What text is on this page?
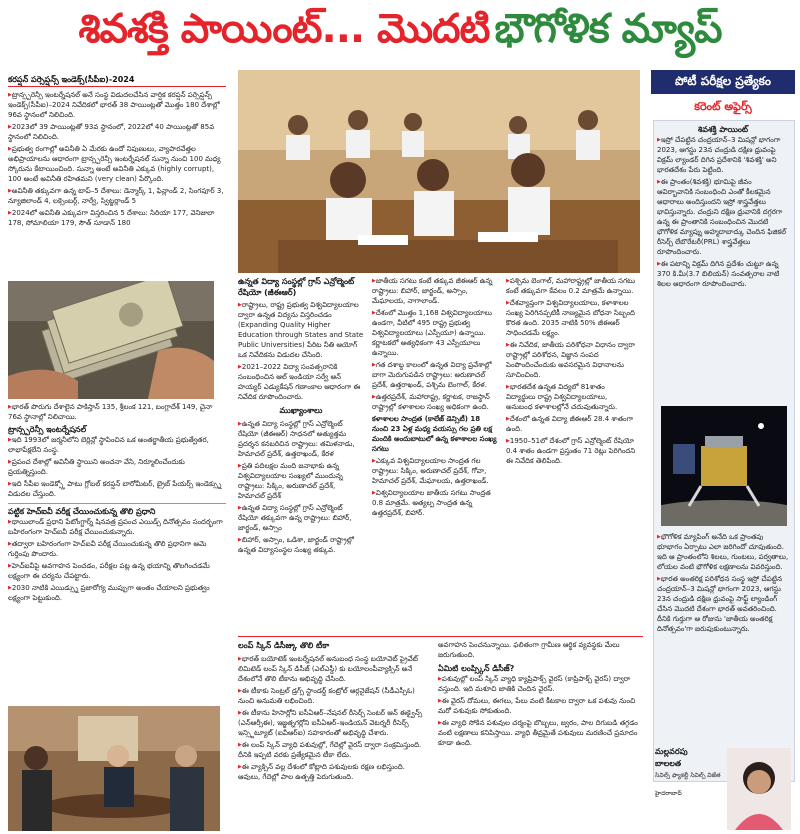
శివశక్తి పాయింట్... మొదటి భౌగోళిక మ్యాప్
కరప్షన్ పర్సెప్షన్స్ ఇండెక్స్(సీపీఐ)-2024
▶ ట్రాన్స్పరెన్సీ ఇంటర్నేషనల్ అనే సంస్థ విడుదలచేసిన వార్షిక కరప్షన్ పర్సెప్షన్స్ ఇండెక్స్(సీపీఐ)–2024 నివేదికలో భారత్ 38 పాయింట్లతో మొత్తం 180 దేశాల్లో 96వ స్థానంలో నిలిచింది.
▶ 2023లో 39 పాయింట్లతో 93వ స్థానంలో, 2022లో 40 పాయింట్లతో 85వ స్థానంలో నిలిచింది.
▶ ప్రభుత్వ రంగాల్లో అవినీతి ఏ మేరకు ఉందో నిపుణులు, వ్యాపారవేత్తల అభిప్రాయాలను ఆధారంగా ట్రాన్స్పరెన్సీ ఇంటర్నేషనల్ సున్నా నుంచి 100 మధ్య స్కోరును కేటాయించింది. సున్నా అంటే అవినీతి ఎక్కువ (highly corrupt), 100 అంటే అవినీతి రహితమని (very clean) పేర్కొంది.
▶ అవినీతి తక్కువగా ఉన్న టాప్–5 దేశాలు: డెన్మార్క్ 1, ఫిన్లాండ్ 2, సింగపూర్ 3, న్యూజిలాండ్ 4, లక్సెంబర్గ్, నార్వే, స్విట్జర్లాండ్ 5
▶ 2024లో అవినీతి ఎక్కువగా విస్తరించిన 5 దేశాలు: సిరియా 177, వెనిజులా 178, సోమాలియా 179, సౌత్ సూడాన్ 180
▶ భారత్ పొరుగు దేశాలైన పాకిస్తాన్ 135, శ్రీలంక 121, బంగ్లాదేశ్ 149, చైనా 76వ స్థానాల్లో నిలిచాయి.
ట్రాన్స్పరెన్సీ ఇంటర్నేషనల్
▶ ఇది 1993లో జర్మనీలోని బెర్లిన్లో స్థాపించిన ఒక అంతర్జాతీయ ప్రభుత్వేతర, లాభాపేక్షలేని సంస్థ.
▶ ప్రపంచ దేశాల్లో అవినీతి స్థాయిని అంచనా వేసి, నిర్మూలించేందుకు ప్రయత్నిస్తుంది.
▶ ఇది సీపీఐ ఇండెక్స్తో పాటు గ్లోబల్ కరప్షన్ బారోమీటర్, బ్రైబ్ పేయర్స్ ఇండెక్స్ను విడుదల చేస్తుంది.
పట్టిక హెచ్ఐవీ వరీక్ష చేయించుకున్న తొలి ప్రధాని
▶ థాయిలాండ్ ప్రధాని పేటోంగ్టార్న్ షినవత్ర ప్రపంచ ఎయిడ్స్ దినోత్సవం సందర్భంగా బహిరంగంగా హెచ్ఐవీ పరీక్ష చేయించుకున్నారు.
▶ తద్వారా బహిరంగంగా హెచ్ఐవీ పరీక్ష చేయించుకున్న తొలి ప్రధానిగా ఆమె గుర్తింపు పొందారు.
▶ హెచ్ఐవీపై అవగాహన పెంచడం, పరీక్షల పట్ల ఉన్న భయాన్ని తొలగించడమే లక్ష్యంగా ఈ చర్యను చేపట్టారు.
▶ 2030 నాటికి ఎయిడ్స్ను ప్రజారోగ్య ముప్పుగా అంతం చేయాలని ప్రభుత్వం లక్ష్యంగా పెట్టుకుంది.
ఉన్నత విద్యా సంస్థల్లో గ్రాస్ ఎన్రోల్మెంట్ రేషియో (జీఈఆర్)
▶ రాష్ట్రాలు, రాష్ట్ర ప్రభుత్వ విశ్వవిద్యాలయాల ద్వారా ఉన్నత విద్యను విస్తరించడం (Expanding Quality Higher Education through States and State Public Universities) పేరిట నీతి ఆయోగ్ ఒక నివేదికను విడుదల చేసింది.
▶ 2021–2022 విద్యా సంవత్సరానికి సంబంధించిన ఆల్ ఇండియా సర్వే ఆన్ హయ్యర్ ఎడ్యుకేషన్ గణాంకాల ఆధారంగా ఈ నివేదిక రూపొందించారు.
ముఖ్యాంశాలు
▶ ఉన్నత విద్యా సంస్థల్లో గ్రాస్ ఎన్రోల్మెంట్ రేషియో (జీఈఆర్) సాధనలో అత్యుత్తమ ప్రదర్శన కనబరిచిన రాష్ట్రాలు: తమిళనాడు, హిమాచల్ ప్రదేశ్, ఉత్తరాఖండ్, కేరళ
▶ ప్రతి పదిలక్షల మంది జనాభాకు ఉన్న విశ్వవిద్యాలయాల సంఖ్యలో ముందున్న రాష్ట్రాలు: సిక్కిం, అరుణాచల్ ప్రదేశ్, హిమాచల్ ప్రదేశ్
▶ ఉన్నత విద్యా సంస్థల్లో గ్రాస్ ఎన్రోల్మెంట్ రేషియో తక్కువగా ఉన్న రాష్ట్రాలు: బిహార్, జార్ఖండ్, అస్సాం
▶ బిహార్, అస్సాం, ఒడిశా, జార్ఖండ్ రాష్ట్రాల్లో ఉన్నత విద్యాసంస్థల సంఖ్య తక్కువ.
▶ జాతీయ సగటు కంటే తక్కువ జీఈఆర్ ఉన్న రాష్ట్రాలు: బిహార్, జార్ఖండ్, అస్సాం, మేఘాలయ, నాగాలాండ్.
▶ దేశంలో మొత్తం 1,168 విశ్వవిద్యాలయాలు ఉండగా, వీటిలో 495 రాష్ట్ర ప్రభుత్వ విశ్వవిద్యాలయాలు (ఎస్పీయూ) ఉన్నాయి. కర్ణాటకలో అత్యధికంగా 43 ఎస్పీయూలు ఉన్నాయి.
▶ గత దశాబ్ద కాలంలో ఉన్నత విద్యా ప్రవేశాల్లో బాగా మెరుగుపడిన రాష్ట్రాలు: అరుణాచల్ ప్రదేశ్, ఉత్తరాఖండ్, పశ్చిమ బెంగాల్, కేరళ.
▶ ఉత్తరప్రదేశ్, మహారాష్ట్ర, కర్ణాటక, రాజస్థాన్ రాష్ట్రాల్లో కళాశాలల సంఖ్య అధికంగా ఉంది.
కళాశాలల సాంద్రత (కాలేజ్ డెన్సిటీ) 18 నుంచి 23 ఏళ్ల మధ్య వయస్సు గల ప్రతి లక్ష మందికి అందుబాటులో ఉన్న కళాశాలల సంఖ్య సగటు
▶ ఎక్కువ విశ్వవిద్యాలయాల సాంద్రత గల రాష్ట్రాలు: సిక్కిం, అరుణాచల్ ప్రదేశ్, గోవా, హిమాచల్ ప్రదేశ్, మేఘాలయ, ఉత్తరాఖండ్.
▶ విశ్వవిద్యాలయాల జాతీయ సగటు సాంద్రత 0.8 మాత్రమే. అత్యల్ప సాంద్రత ఉన్న ఉత్తరప్రదేశ్, బిహార్.
▶ పశ్చిమ బెంగాల్, మహారాష్ట్రల్లో జాతీయ సగటు కంటే తక్కువగా కేవలం 0.2 మాత్రమే ఉన్నాయి.
▶ దేశవ్యాప్తంగా విశ్వవిద్యాలయాలు, కళాశాలల సంఖ్య పెరిగినప్పటికీ నాణ్యమైన బోధనా సిబ్బంది కొరత ఉంది. 2035 నాటికి 50% జీఈఆర్ సాధించడమే లక్ష్యం.
▶ ఈ నివేదిక, జాతీయ పరిశోధనా విధానం ద్వారా రాష్ట్రాల్లో పరిశోధన, విజ్ఞాన సంపద పెంపొందించేందుకు అవసరమైన విధానాలను సూచించింది.
▶ భారతదేశ ఉన్నత విద్యలో 81శాతం విద్యార్థులు రాష్ట్ర విశ్వవిద్యాలయాలు, అనుబంధ కళాశాలల్లోనే చదువుతున్నారు.
▶ దేశంలో ఉన్నత విద్యా జీఈఆర్ 28.4 శాతంగా ఉంది.
▶ 1950–51లో దేశంలో గ్రాస్ ఎన్రోల్మెంట్ రేషియో 0.4 శాతం ఉండగా ప్రస్తుతం 71 రెట్లు పెరిగిందని ఈ నివేదిక తెలిపింది.
లంప్ స్కిన్ డిసీజ్కు తొలి టీకా
▶ భారత్ బయోటెక్ ఇంటర్నేషనల్ అనుబంధ సంస్థ బయోవెట్ ప్రైవేట్ లిమిటెడ్ లంప్ స్కిన్ డిసీజ్ (ఎల్ఎస్డీ) కు బయోలంపీవ్యాక్సిన్ అనే దేశంలోనే తొలి టీకాను అభివృద్ధి చేసింది.
▶ ఈ టీకాకు సెంట్రల్ డ్రగ్స్ స్టాండర్డ్ కంట్రోల్ ఆర్గనైజేషన్ (సీడీఎస్సీఓ) నుంచి అనుమతి లభించింది.
▶ ఈ టీకాను హిసార్లోని ఐసీఏఆర్–నేషనల్ రీసెర్చ్ సెంటర్ ఆన్ ఈక్వైన్స్ (ఎన్ఆర్సీఈ), ఇజ్జత్నగర్లోని ఐసీఏఆర్–ఇండియన్ వెటర్నరీ రీసెర్చ్ ఇన్స్టిట్యూట్ (ఐవీఆర్ఐ) సహకారంతో అభివృద్ధి చేశారు.
▶ ఈ లంప్ స్కిన్ వ్యాధి పశువుల్లో, గేదెల్లో వైరస్ ద్వారా సంక్రమిస్తుంది. దీనికి ఇప్పటి వరకు ప్రత్యేకమైన టీకా లేదు.
▶ ఈ వ్యాక్సిన్ వల్ల దేశంలో కోట్లాది పశువులకు రక్షణ లభిస్తుంది. ఆవులు, గేదెల్లో పాల ఉత్పత్తి పెరుగుతుంది.
అవగాహన పెంచనున్నాయి. ఫలితంగా గ్రామీణ ఆర్థిక వ్యవస్థకు మేలు జరుగుతుంది.
ఏమిటి లంప్స్కిన్ డిసీజ్?
▶ పశువుల్లో లంప్ స్కిన్ వ్యాధి క్యాప్రిపాక్స్ వైరస్ (కాప్రిపాక్స్ వైరస్) ద్వారా వస్తుంది. ఇది మశూచి జాతికి చెందిన వైరస్.
▶ ఈ వైరస్ దోమలు, ఈగలు, పేలు వంటి కీటకాల ద్వారా ఒక పశువు నుంచి మరో పశువుకు సోకుతుంది.
▶ ఈ వ్యాధి సోకిన పశువుల చర్మంపై బొబ్బలు, జ్వరం, పాల దిగుబడి తగ్గడం వంటి లక్షణాలు కనిపిస్తాయి. వ్యాధి తీవ్రమైతే పశువులు మరణించే ప్రమాదం కూడా ఉంది.
పోటీ పరీక్షల ప్రత్యేకం
కరెంట్ అఫైర్స్
శివశక్తి పాయింట్
▶ ఇస్రో చేపట్టిన చంద్రయాన్–3 మిషన్లో భాగంగా 2023, ఆగస్టు 23న చంద్రుడి దక్షిణ ధ్రువంపై విక్రమ్ ల్యాండర్ దిగిన ప్రదేశానికి 'శివశక్తి' అని భారతదేశం పేరు పెట్టింది.
▶ ఈ ప్రాంతం(శివశక్తి) భూమిపై జీవం ఆవిర్భావానికి సంబంధించి ఎంతో కీలకమైన ఆధారాలు అందిస్తుందని ఇస్రో శాస్త్రవేత్తలు భావిస్తున్నారు. చంద్రుని దక్షిణ ధ్రువానికి దగ్గరగా ఉన్న ఈ ప్రాంతానికి సంబంధించిన మొదటి భౌగోళిక మ్యాప్ను అహ్మదాబాద్కు చెందిన ఫిజికల్ రీసెర్చ్ లేబొరేటరీ(PRL) శాస్త్రవేత్తలు రూపొందించారు.
▶ ఈ పటాన్ని విక్రమ్ దిగిన ప్రదేశం చుట్టూ ఉన్న 370 కి.మీ(3.7 బిలియన్) సంవత్సరాల నాటి శిలల ఆధారంగా రూపొందించారు.
▶ భౌగోళిక మ్యాపింగ్ అనేది ఒక ప్రాంతపు భూభాగం ఏర్పాటు ఎలా జరిగిందో చూపుతుంది. ఇది ఆ ప్రాంతంలోని శిలలు, గుంటలు, పర్వతాలు, లోయల వంటి భౌగోళిక లక్షణాలను వివరిస్తుంది.
▶ భారత అంతరిక్ష పరిశోధన సంస్థ ఇస్రో చేపట్టిన చంద్రయాన్–3 మిషన్లో భాగంగా 2023, ఆగస్టు 23న చంద్రుడి దక్షిణ ధ్రువంపై సాఫ్ట్ ల్యాండింగ్ చేసిన మొదటి దేశంగా భారత్ అవతరించింది. దీనికి గుర్తుగా ఆ రోజును 'జాతీయ అంతరిక్ష దినోత్సవం'గా జరుపుకుంటున్నారు.
మల్లవరపు
బాలలత
సివిల్స్ ఫ్యాకల్టీ సివిల్స్ విజేత
హైదరాబాద్
